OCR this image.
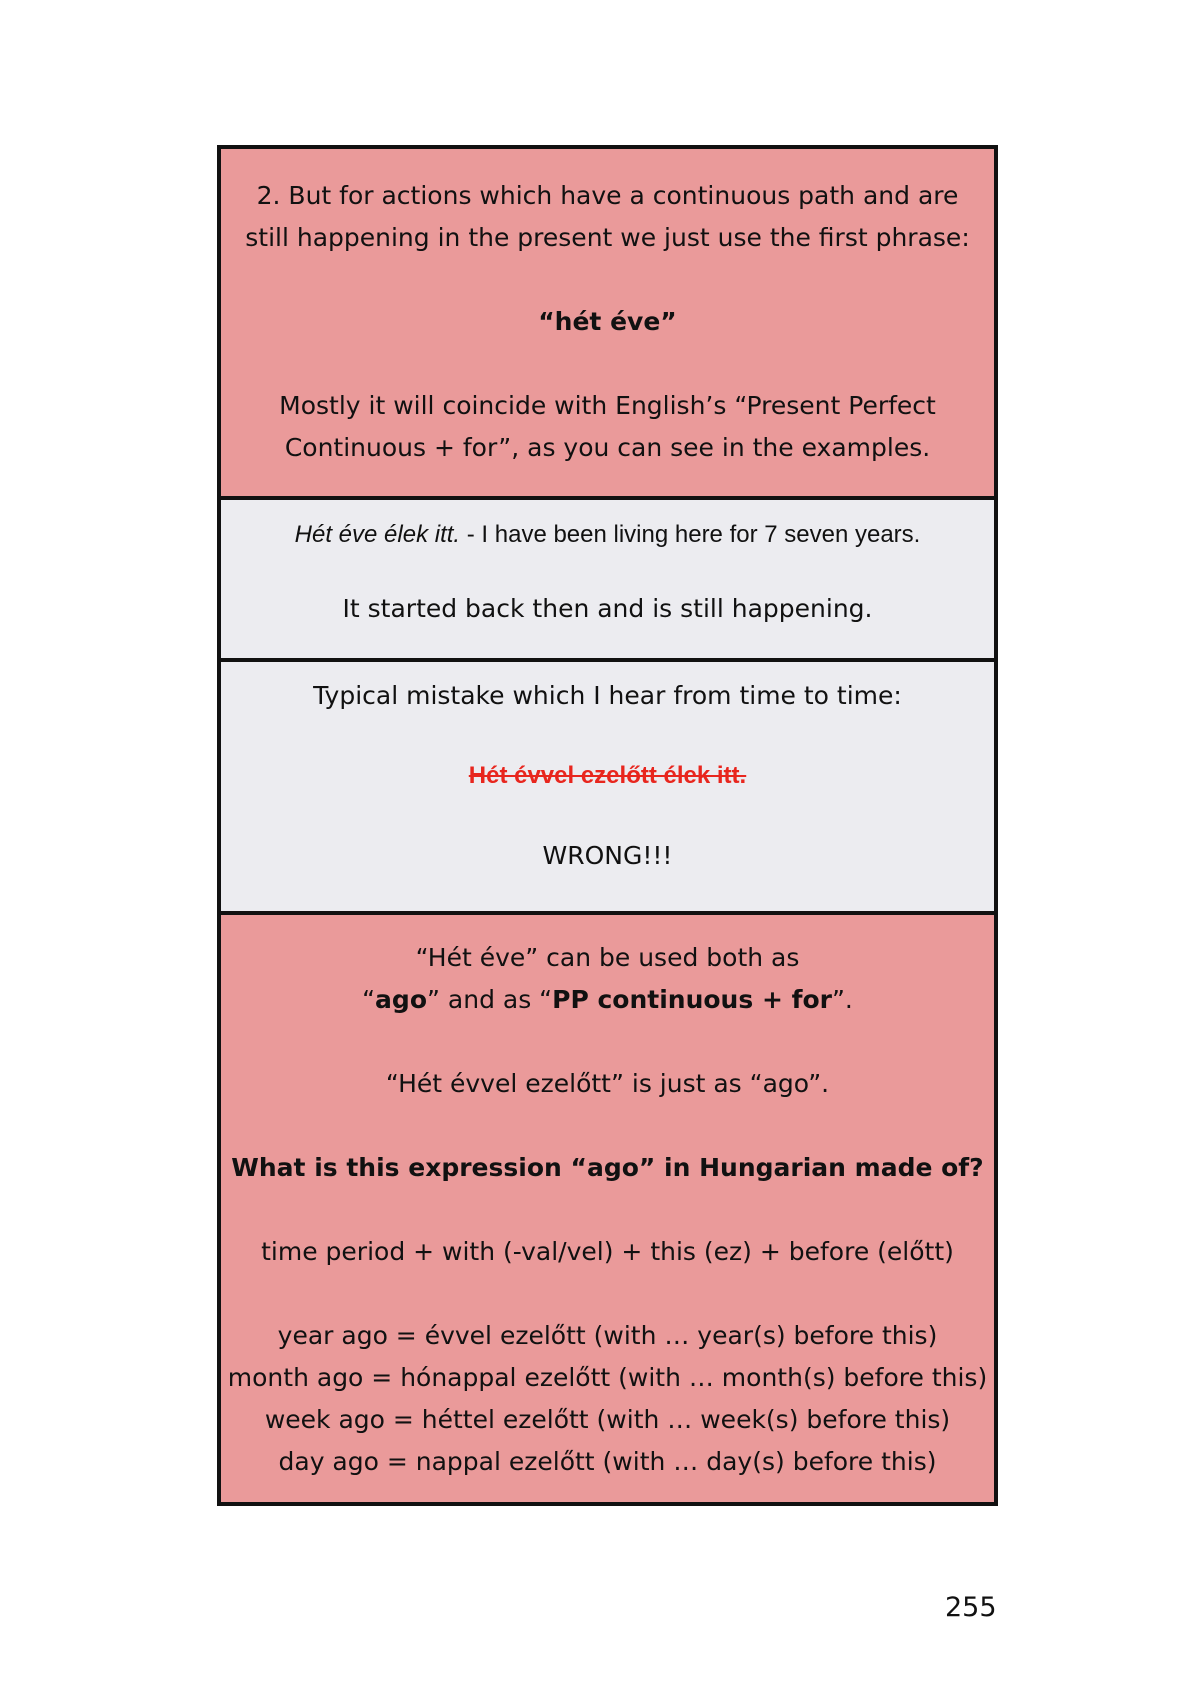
2. But for actions which have a continuous path and are
still happening in the present we just use the first phrase:
“hét éve”
Mostly it will coincide with English’s “Present Perfect
Continuous + for”, as you can see in the examples.
Hét éve élek itt. - I have been living here for 7 seven years.
It started back then and is still happening.
Typical mistake which I hear from time to time:
Hét évvel ezelőtt élek itt.
WRONG!!!
“Hét éve” can be used both as
“ago” and as “PP continuous + for”.
“Hét évvel ezelőtt” is just as “ago”.
What is this expression “ago” in Hungarian made of?
time period + with (-val/vel) + this (ez) + before (előtt)
year ago = évvel ezelőtt (with … year(s) before this)
month ago = hónappal ezelőtt (with … month(s) before this)
week ago = héttel ezelőtt (with … week(s) before this)
day ago = nappal ezelőtt (with … day(s) before this)
255
